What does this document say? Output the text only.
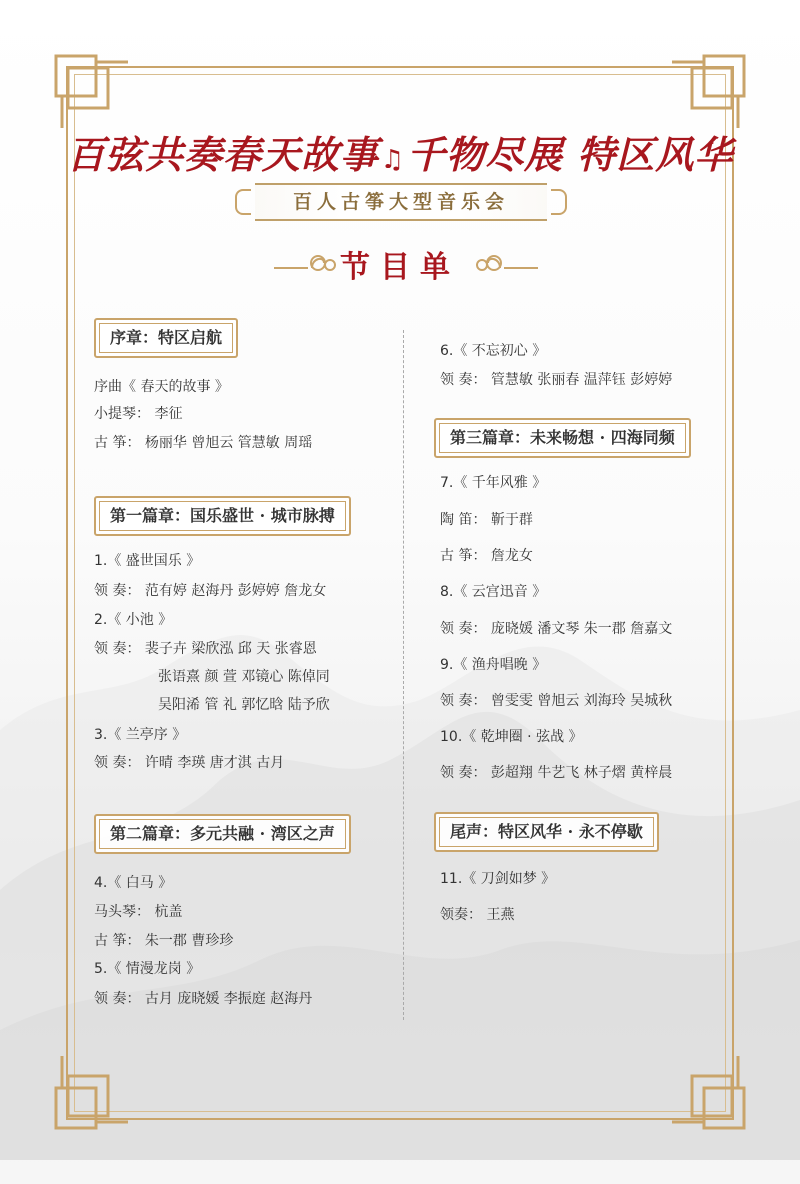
百弦共奏春天故事♫千物尽展 特区风华
百人古筝大型音乐会
节目单
序章：特区启航
序曲《 春天的故事 》
小提琴： 李征
古 筝： 杨丽华 曾旭云 管慧敏 周瑶
第一篇章：国乐盛世 · 城市脉搏
1.《 盛世国乐 》
领 奏： 范有婷 赵海丹 彭婷婷 詹龙女
2.《 小池 》
领 奏： 裴子卉 梁欣泓 邱 天 张睿恩
张语熹 颜 萱 邓镜心 陈倬同
吴阳浠 管 礼 郭忆晗 陆予欣
3.《 兰亭序 》
领 奏： 许晴 李瑛 唐才淇 古月
第二篇章：多元共融 · 湾区之声
4.《 白马 》
马头琴： 杭盖
古 筝： 朱一郡 曹珍珍
5.《 情漫龙岗 》
领 奏： 古月 庞晓媛 李振庭 赵海丹
6.《 不忘初心 》
领 奏： 管慧敏 张丽春 温萍钰 彭婷婷
第三篇章：未来畅想 · 四海同频
7.《 千年风雅 》
陶 笛： 靳于群
古 筝： 詹龙女
8.《 云宫迅音 》
领 奏： 庞晓媛 潘文琴 朱一郡 詹嘉文
9.《 渔舟唱晚 》
领 奏： 曾雯雯 曾旭云 刘海玲 吴城秋
10.《 乾坤圈 · 弦战 》
领 奏： 彭超翔 牛艺飞 林子熠 黄梓晨
尾声：特区风华 · 永不停歇
11.《 刀剑如梦 》
领奏： 王燕
